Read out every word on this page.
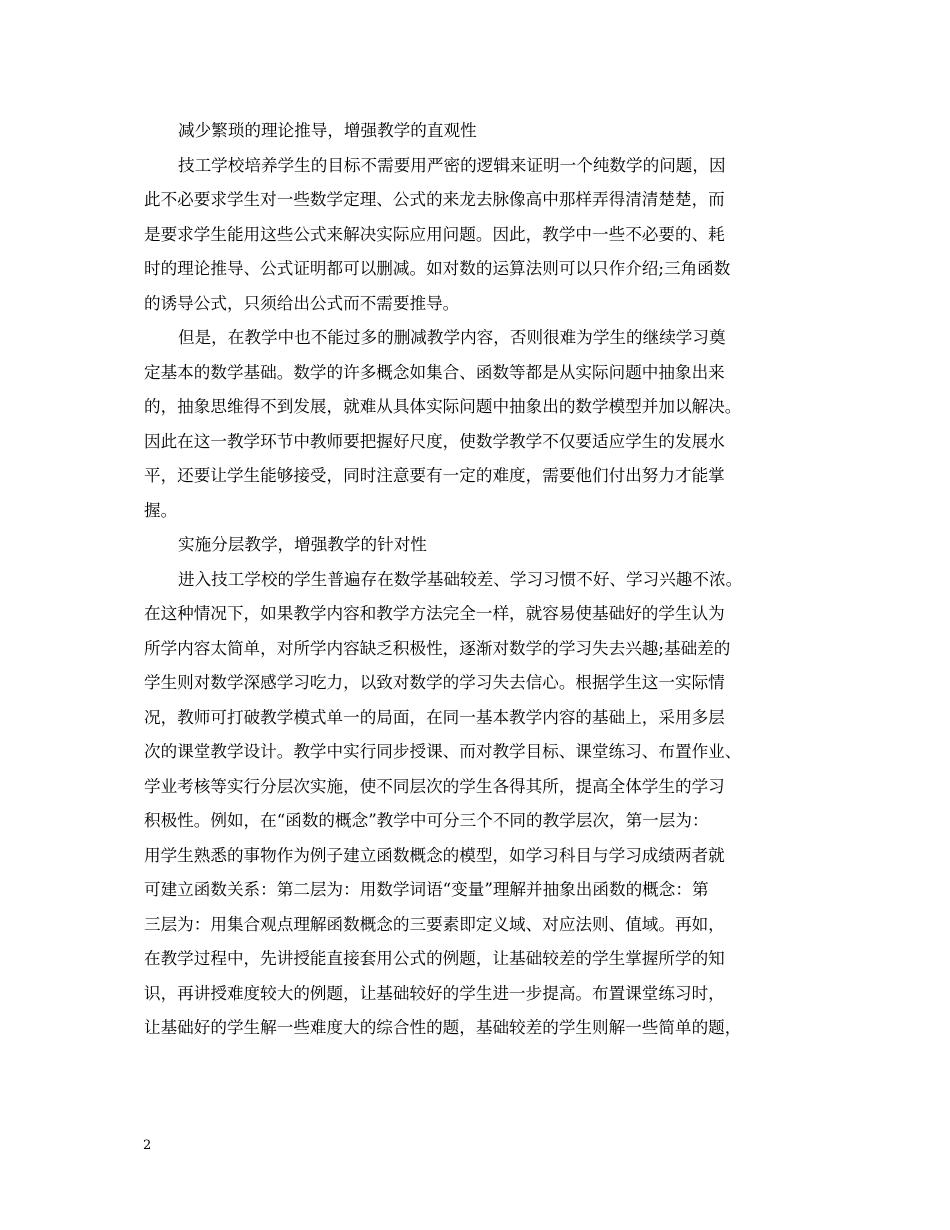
减少繁琐的理论推导，增强教学的直观性
技工学校培养学生的目标不需要用严密的逻辑来证明一个纯数学的问题，因
此不必要求学生对一些数学定理、公式的来龙去脉像高中那样弄得清清楚楚，而
是要求学生能用这些公式来解决实际应用问题。因此，教学中一些不必要的、耗
时的理论推导、公式证明都可以删减。如对数的运算法则可以只作介绍;三角函数
的诱导公式，只须给出公式而不需要推导。
但是，在教学中也不能过多的删减教学内容，否则很难为学生的继续学习奠
定基本的数学基础。数学的许多概念如集合、函数等都是从实际问题中抽象出来
的，抽象思维得不到发展，就难从具体实际问题中抽象出的数学模型并加以解决。
因此在这一教学环节中教师要把握好尺度，使数学教学不仅要适应学生的发展水
平，还要让学生能够接受，同时注意要有一定的难度，需要他们付出努力才能掌
握。
实施分层教学，增强教学的针对性
进入技工学校的学生普遍存在数学基础较差、学习习惯不好、学习兴趣不浓。
在这种情况下，如果教学内容和教学方法完全一样，就容易使基础好的学生认为
所学内容太简单，对所学内容缺乏积极性，逐渐对数学的学习失去兴趣;基础差的
学生则对数学深感学习吃力，以致对数学的学习失去信心。根据学生这一实际情
况，教师可打破教学模式单一的局面，在同一基本教学内容的基础上，采用多层
次的课堂教学设计。教学中实行同步授课、而对教学目标、课堂练习、布置作业、
学业考核等实行分层次实施，使不同层次的学生各得其所，提高全体学生的学习
积极性。例如，在“函数的概念”教学中可分三个不同的教学层次，第一层为：
用学生熟悉的事物作为例子建立函数概念的模型，如学习科目与学习成绩两者就
可建立函数关系：第二层为：用数学词语“变量”理解并抽象出函数的概念：第
三层为：用集合观点理解函数概念的三要素即定义域、对应法则、值域。再如，
在教学过程中，先讲授能直接套用公式的例题，让基础较差的学生掌握所学的知
识，再讲授难度较大的例题，让基础较好的学生进一步提高。布置课堂练习时，
让基础好的学生解一些难度大的综合性的题，基础较差的学生则解一些简单的题，
2
